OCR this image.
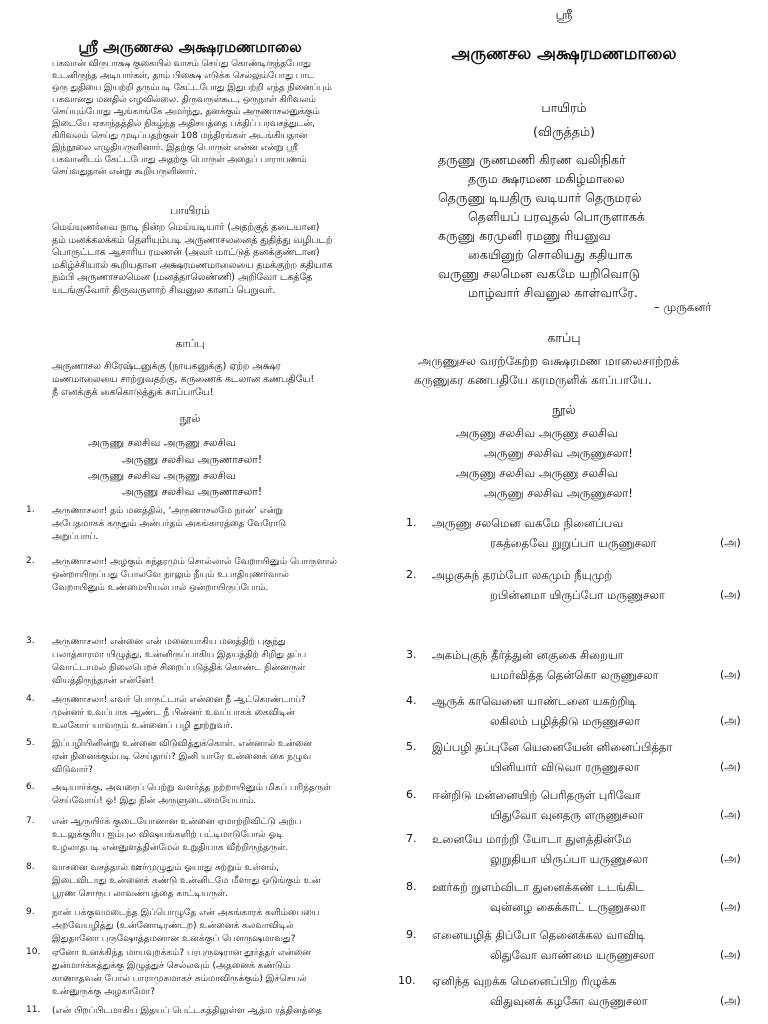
ஸ்ரீ அருணசல அக்ஷரமணமாலை
பகவான் விருபாக்ஷ குகையில் வாசம் செய்து கொண்டிருந்தபோது
உடனிருந்த அடியார்கள், தாம் பிக்ஷை எடுக்க செல்லும்போது பாட
ஒரு துதியை இயற்றி தரும்படி கேட்டபோது இதுபற்றி எந்த நினைப்பும்
பகவானது மனதில் எழவில்லை. திருவருள்கூட, ஒருநாள் கிரிவலம்
செய்யும்போது ஆங்காங்கே அமர்ந்து, தனக்கும் அருணாசலனுக்கும்
இடையே ஏகாந்தத்தில் நிகழ்ந்த அதிசயத்தை பக்திப் பரவசத்துடன்,
கிரிவலம் செய்து முடிப்பதற்குள் 108 மந்திரங்கள் அடங்கியதான
இந்நூலை எழுதியருளினார். இதற்கு பொருள் என்ன என்று ஸ்ரீ
பகவானிடம் கேட்டபோது அதற்கு பொருள் அதைப் பாராயணம்
செய்வதுதான் என்று கூறியருளினார்.
பாயிரம்
மெய்யுணர்வை நாடி நின்ற மெய்யடியார் (அதற்குத் தடையான)
தம் மனக்கலக்கம் தெளியும்படி அருணாசலனைத் துதித்து வழிபடற்
பொருட்டாக ஆசாரிய ரமணன் (அவர் மாட்டுத் தனக்குண்டான)
மகிழ்ச்சியால் கூறியதான அக்ஷரமணமாலையை தமக்குற்ற கதியாக
நம்பி அருணாசலமென (மனத்தாலெண்ணி) அறிவோ டகத்தே
யடங்குவோர் திருவருளாற் சிவனுல காளப் பெறுவர்.
காப்பு
அருணாசல சிரேஷ்டனுக்கு (நாயகனுக்கு) ஏற்ற அக்ஷர
மணமாலையை சாற்றுவதற்கு, கருணைக் கடலான கணபதியே!
நீ எனக்குக் கைகொடுத்துக் காப்பாயே!
நூல்
அருணு சலசிவ அருணு சலசிவ
அருணு சலசிவ அருணாசலா!
அருணு சலசிவ அருணு சலசிவ
அருணு சலசிவ அருணாசலா!
1. அருணாசலா! தம் மனத்தில், ‘அருணாசலமே நான்’ என்று
அபேதமாகக் கருதும் அன்பர்தம் அகங்காரத்தை வேரோடு
அறுப்பாய்.
2. அருணாசலா! அழகும் சுந்தரமும் சொல்லால் வேறாயினும் பொருளால்
ஒன்றாயிருப்பது போலவே நாலும் நீயும் உபாதியுணர்வால்
வேறாயினும் உண்மையியல்பால் ஒன்றாயிருப்போம்.
3. அருணாசலா! என்னை என் மனையாகிய மனத்திற் புகுந்து
பலாத்காரமா யிழுத்து, உன்னிருப்பாகிய இதயத்திற் சிறிது தப்ப
வொட்டாமல் நிலைபெறச் சிறைப்படுத்திக் கொண்ட நின்னருள்
வியத்திருந்தான் என்னே!
4. அருணாசலா! எவர் பொருட்டால் என்னை நீ ஆட்கொண்டாய்?
முன்னர் உவப்பாக ஆண்ட நீ பின்னர் உவப்பாகக் கைவிடின்
உலகோர் யாவரும் உன்னைப் பழி தூற்றுவர்.
5. இப்பழியினின்று உன்னை விடுவித்துக்கொள். என்னால் உன்னை
ஏன் நினைக்கும்படி செய்தாய்? இனி யாரே உன்னைக் கை நழுவ
விடுவார்?
6. அடியார்க்கு, அவரைப் பெற்று வளர்த்த நற்றாயினும் மிகப் பரிந்தருள்
செய்வோய்! ஓ! இது நின் அருளுடைமையேயாம்.
7. என் ஆருயிர்க் குடையோனான உன்னை ஏமாற்றிவிட்டு அற்ப
உடலுக்குரிய ஐம்புல விஷயங்களிற் பட்டிமாடுபோல் ஓடி
உழலாதபடி என்னுளத்தின்மேல் உறுதியாக வீற்றிருந்தருள்.
8. வாசனை வசத்தால் ஊர்முழுதும் ஓயாது சுற்றும் உள்ளம்,
இடைவிடாது உன்னைக் கண்டு உன்னிடமே மீளாது ஒடுங்கும் உன்
பூரண சொரூப லாவண்யத்தை காட்டியருள்.
9. நான் பக்குவமடைந்த இப்பொழுதே என் அகங்காரக் களிம்பையை
அறவேயழித்து (உன்னோடிரண்டற) உன்னைக் கலவாவிடில்
இதுதானோ புருஷோத்தமனான உனக்குப் பெளருஷமாவது?
10. ஏனோ உனக்கிந்த மாயவுறக்கம்? பரபுருஷரான தூர்த்தர் என்னை
துன்மார்க்கத்துக்கு இழுத்துச் செல்லவும் (அதனைக் கண்டும்
காணாதவன் போல் பாராமுகமாகச் சும்மாவிருக்கும்) இச்செயல்
உன்னுருக்கு அழகாமோ?
11. (என் பிறப்பிடமாகிய இதயப் பெட்டகத்திலுள்ள ஆத்ம ரத்தினத்தை
ஸ்ரீ
அருணசல அக்ஷரமணமாலை
பாயிரம்
(விருத்தம்)
தருணு ருணமணி கிரண வலிநிகர்
தரும க்ஷரமண மகிழ்மாலை
தெருணு டியதிரு வடியார் தெருமரல்
தெளியப் பரவுதல் பொருளாகக்
கருணு கரமுனி ரமணு ரியனுவ
கையினுற் சொலியது கதியாக
வருணு சலமென வகமே யறிவொடு
மாழ்வார் சிவனுல காள்வாரே.
– முருகனர்
காப்பு
அருணுசல வரற்கேற்ற வக்ஷரமண மாலைசாற்றக்
கருணுகர கணபதியே கரமருளிக் காப்பாயே.
நூல்
அருணு சலசிவ அருணு சலசிவ
அருணு சலசிவ அருணுசலா!
அருணு சலசிவ அருணு சலசிவ
அருணு சலசிவ அருணுசலா!
1. அருணு சலமென வகமே நினைப்பவ
ரகத்தைவே றுறுப்பா யருணுசலா	(அ)
2. அழகுசுந் தரம்போ லகமும் நீயுமுற்
றபின்னமா யிருப்போ மருணுசலா	(அ)
3. அகம்புகுந் தீர்த்துன் னகுகை சிறையா
யமர்வித்த தென்கொ லருணுசலா	(அ)
4. ஆருக் காவெனை யாண்டனை யகற்றிடி
லகிலம் பழித்திடு மருணுசலா	(அ)
5. இப்பழி தப்புனே யெனையேன் னினைப்பித்தா
யினியார் விடுவா ரருணுசலா	(அ)
6. ஈன்றிடு மன்னையிற் பெரிதருள் புரிவோ
யிதுவோ வுனதரு ளருணுசலா	(அ)
7. உனையே மாற்றி யோடா துளத்தின்மே
லுறுதியா யிருப்பா யருணுசலா	(அ)
8. ஊர்சுற் றுளம்விடா துனைக்கண் டடங்கிட
வுன்னழ கைக்காட் டருணுசலா	(அ)
9. எனையழித் திப்போ தெனைக்கல வாவிடி
லிதுவோ வாண்மை யருணுசலா	(அ)
10. ஏனிந்த வுறக்க மெனைப்பிற ரிழுக்க
விதுவுனக் கழகோ வருணுசலா	(அ)
